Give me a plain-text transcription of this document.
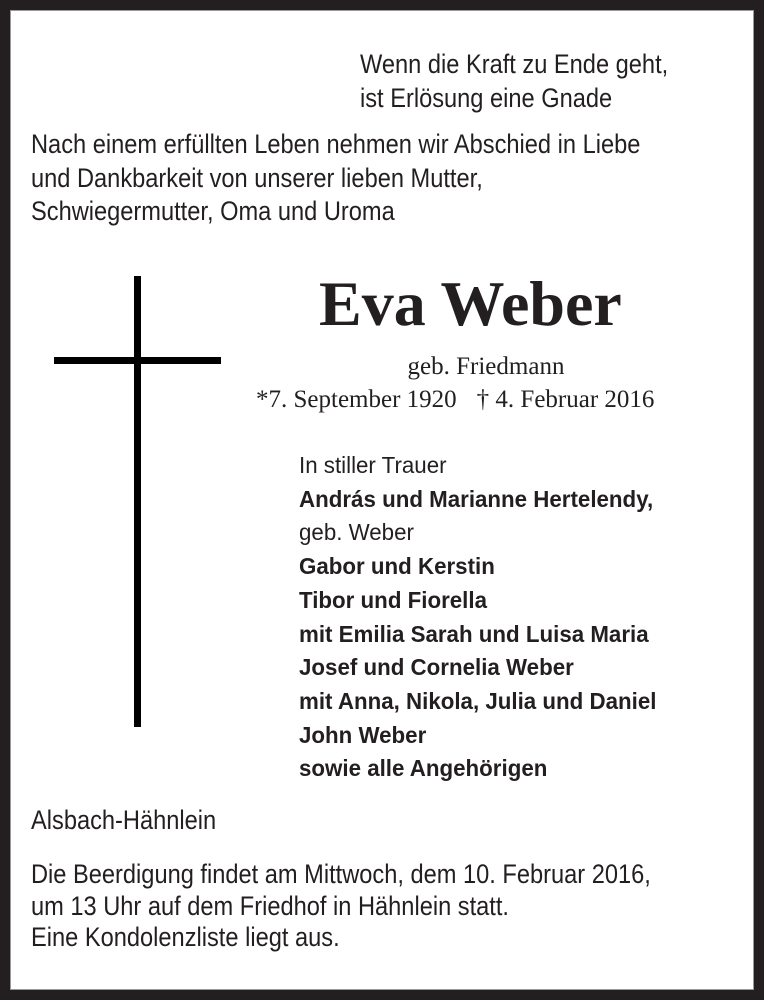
Wenn die Kraft zu Ende geht,
ist Erlösung eine Gnade
Nach einem erfüllten Leben nehmen wir Abschied in Liebe
und Dankbarkeit von unserer lieben Mutter,
Schwiegermutter, Oma und Uroma
Eva Weber
geb. Friedmann
*7. September 1920 † 4. Februar 2016
In stiller Trauer
András und Marianne Hertelendy,
geb. Weber
Gabor und Kerstin
Tibor und Fiorella
mit Emilia Sarah und Luisa Maria
Josef und Cornelia Weber
mit Anna, Nikola, Julia und Daniel
John Weber
sowie alle Angehörigen
Alsbach-Hähnlein
Die Beerdigung findet am Mittwoch, dem 10. Februar 2016,
um 13 Uhr auf dem Friedhof in Hähnlein statt.
Eine Kondolenzliste liegt aus.
